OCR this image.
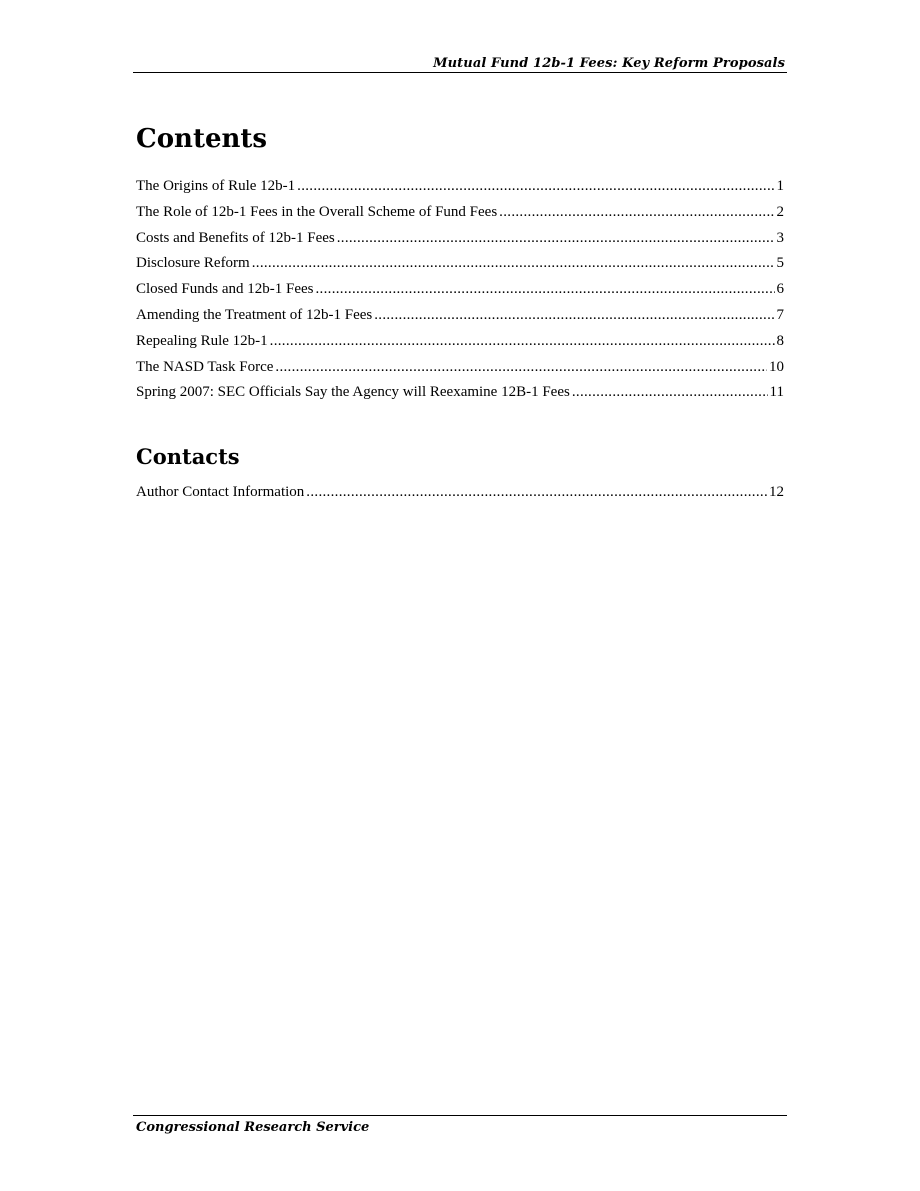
Mutual Fund 12b-1 Fees: Key Reform Proposals
Contents
The Origins of Rule 12b-1 .....	1
The Role of 12b-1 Fees in the Overall Scheme of Fund Fees .....	2
Costs and Benefits of 12b-1 Fees .....	3
Disclosure Reform .....	5
Closed Funds and 12b-1 Fees .....	6
Amending the Treatment of 12b-1 Fees .....	7
Repealing Rule 12b-1 .....	8
The NASD Task Force .....	10
Spring 2007: SEC Officials Say the Agency will Reexamine 12B-1 Fees .....	11
Contacts
Author Contact Information .....	12
Congressional Research Service
